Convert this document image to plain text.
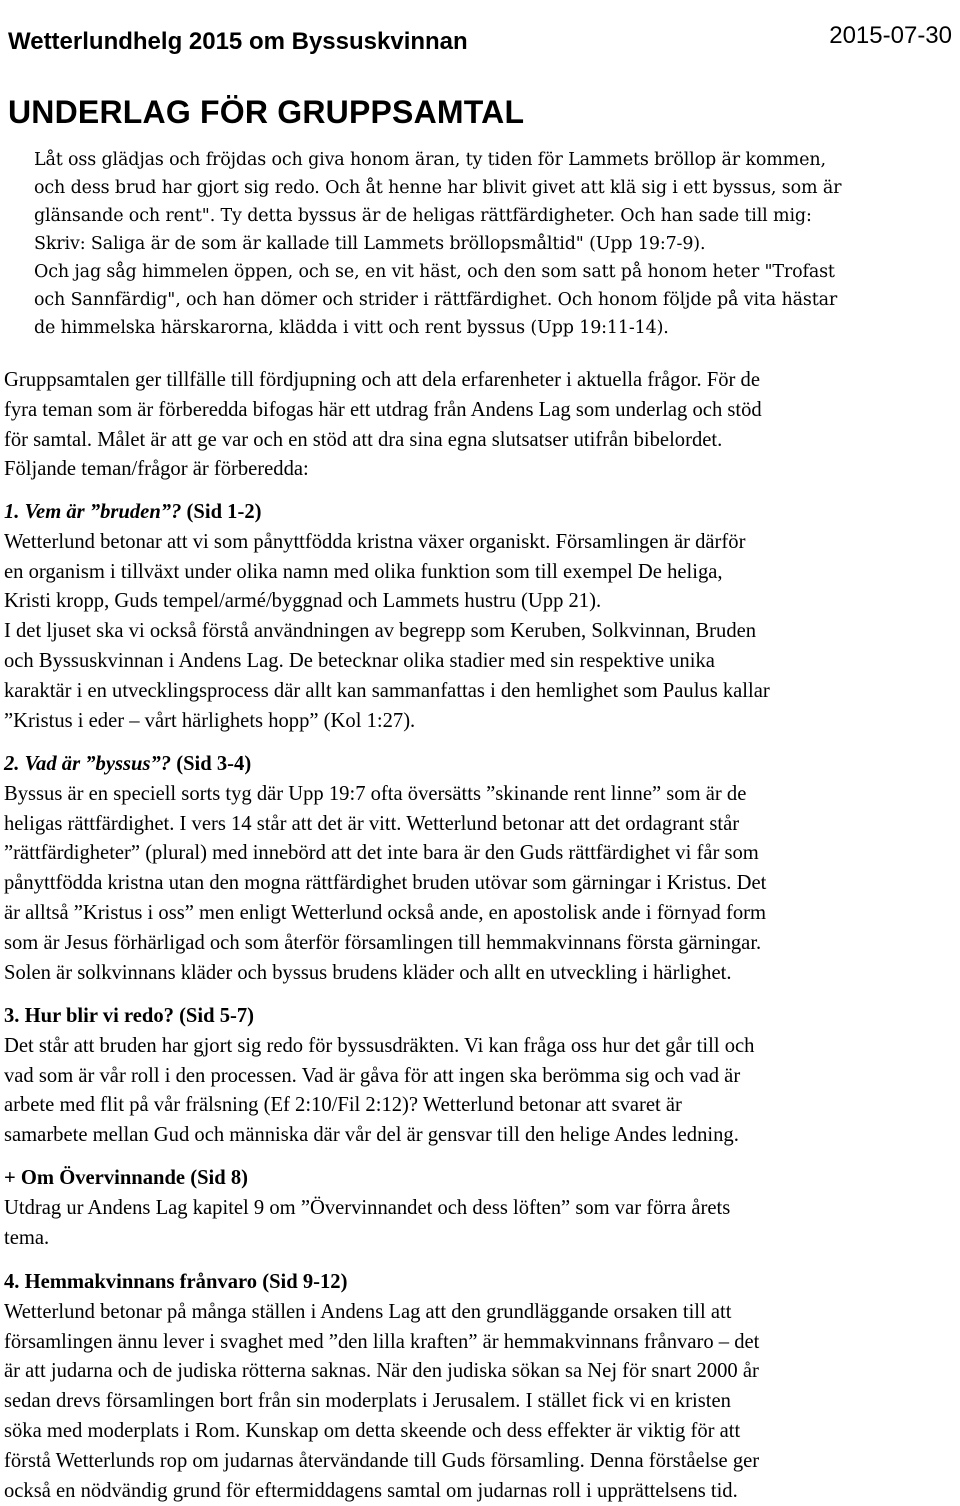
Wetterlundhelg 2015 om Byssuskvinnan	2015-07-30
UNDERLAG FÖR GRUPPSAMTAL
Låt oss glädjas och fröjdas och giva honom äran, ty tiden för Lammets bröllop är kommen,
och dess brud har gjort sig redo. Och åt henne har blivit givet att klä sig i ett byssus, som är
glänsande och rent". Ty detta byssus är de heligas rättfärdigheter. Och han sade till mig:
Skriv: Saliga är de som är kallade till Lammets bröllopsmåltid" (Upp 19:7-9).
Och jag såg himmelen öppen, och se, en vit häst, och den som satt på honom heter "Trofast
och Sannfärdig", och han dömer och strider i rättfärdighet. Och honom följde på vita hästar
de himmelska härskarorna, klädda i vitt och rent byssus (Upp 19:11-14).
Gruppsamtalen ger tillfälle till fördjupning och att dela erfarenheter i aktuella frågor. För de
fyra teman som är förberedda bifogas här ett utdrag från Andens Lag som underlag och stöd
för samtal. Målet är att ge var och en stöd att dra sina egna slutsatser utifrån bibelordet.
Följande teman/frågor är förberedda:
1. Vem är ”bruden”? (Sid 1-2)
Wetterlund betonar att vi som pånyttfödda kristna växer organiskt. Församlingen är därför
en organism i tillväxt under olika namn med olika funktion som till exempel De heliga,
Kristi kropp, Guds tempel/armé/byggnad och Lammets hustru (Upp 21).
I det ljuset ska vi också förstå användningen av begrepp som Keruben, Solkvinnan, Bruden
och Byssuskvinnan i Andens Lag. De betecknar olika stadier med sin respektive unika
karaktär i en utvecklingsprocess där allt kan sammanfattas i den hemlighet som Paulus kallar
”Kristus i eder – vårt härlighets hopp” (Kol 1:27).
2. Vad är ”byssus”? (Sid 3-4)
Byssus är en speciell sorts tyg där Upp 19:7 ofta översätts ”skinande rent linne” som är de
heligas rättfärdighet. I vers 14 står att det är vitt. Wetterlund betonar att det ordagrant står
”rättfärdigheter” (plural) med innebörd att det inte bara är den Guds rättfärdighet vi får som
pånyttfödda kristna utan den mogna rättfärdighet bruden utövar som gärningar i Kristus. Det
är alltså ”Kristus i oss” men enligt Wetterlund också ande, en apostolisk ande i förnyad form
som är Jesus förhärligad och som återför församlingen till hemmakvinnans första gärningar.
Solen är solkvinnans kläder och byssus brudens kläder och allt en utveckling i härlighet.
3. Hur blir vi redo? (Sid 5-7)
Det står att bruden har gjort sig redo för byssusdräkten. Vi kan fråga oss hur det går till och
vad som är vår roll i den processen. Vad är gåva för att ingen ska berömma sig och vad är
arbete med flit på vår frälsning (Ef 2:10/Fil 2:12)? Wetterlund betonar att svaret är
samarbete mellan Gud och människa där vår del är gensvar till den helige Andes ledning.
+ Om Övervinnande (Sid 8)
Utdrag ur Andens Lag kapitel 9 om ”Övervinnandet och dess löften” som var förra årets
tema.
4. Hemmakvinnans frånvaro (Sid 9-12)
Wetterlund betonar på många ställen i Andens Lag att den grundläggande orsaken till att
församlingen ännu lever i svaghet med ”den lilla kraften” är hemmakvinnans frånvaro – det
är att judarna och de judiska rötterna saknas. När den judiska sökan sa Nej för snart 2000 år
sedan drevs församlingen bort från sin moderplats i Jerusalem. I stället fick vi en kristen
söka med moderplats i Rom. Kunskap om detta skeende och dess effekter är viktig för att
förstå Wetterlunds rop om judarnas återvändande till Guds församling. Denna förståelse ger
också en nödvändig grund för eftermiddagens samtal om judarnas roll i upprättelsens tid.
